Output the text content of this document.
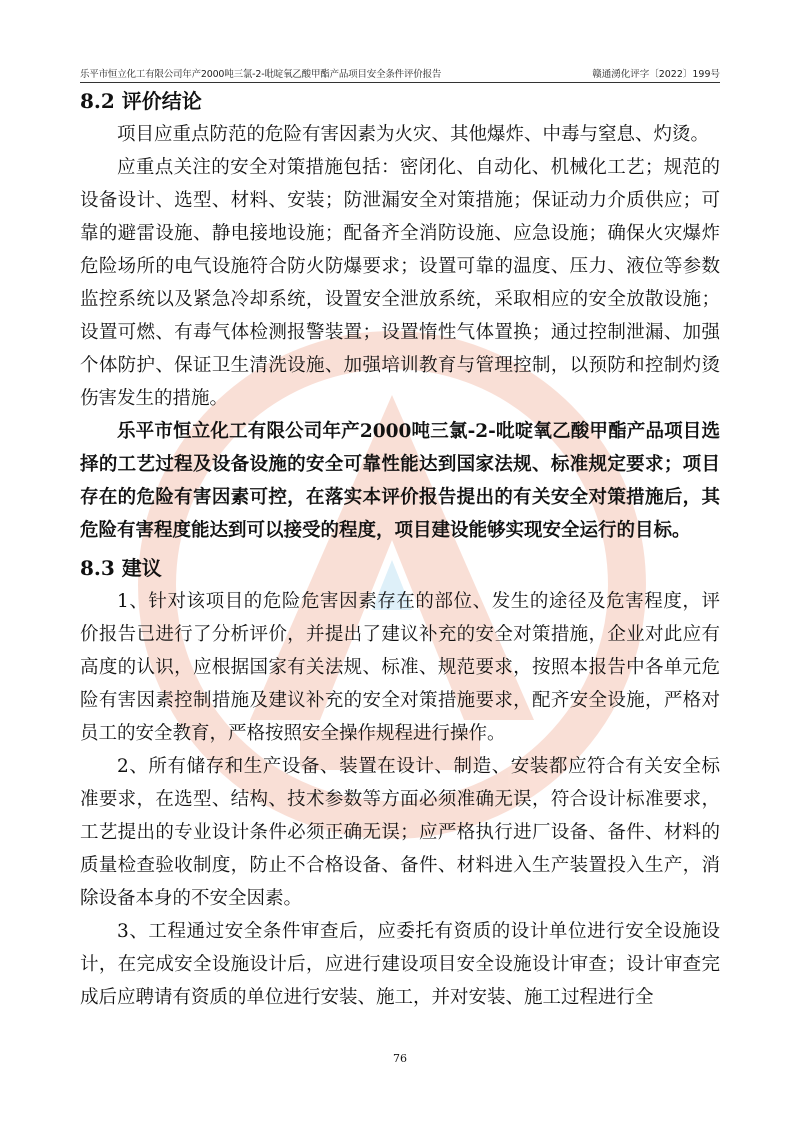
乐平市恒立化工有限公司年产2000吨三氯-2-吡啶氧乙酸甲酯产品项目安全条件评价报告	赣通湧化评字〔2022〕199号

8.2 评价结论

项目应重点防范的危险有害因素为火灾、其他爆炸、中毒与窒息、灼烫。

应重点关注的安全对策措施包括：密闭化、自动化、机械化工艺；规范的设备设计、选型、材料、安装；防泄漏安全对策措施；保证动力介质供应；可靠的避雷设施、静电接地设施；配备齐全消防设施、应急设施；确保火灾爆炸危险场所的电气设施符合防火防爆要求；设置可靠的温度、压力、液位等参数监控系统以及紧急冷却系统，设置安全泄放系统，采取相应的安全放散设施；设置可燃、有毒气体检测报警装置；设置惰性气体置换；通过控制泄漏、加强个体防护、保证卫生清洗设施、加强培训教育与管理控制，以预防和控制灼烫伤害发生的措施。

乐平市恒立化工有限公司年产2000吨三氯-2-吡啶氧乙酸甲酯产品项目选择的工艺过程及设备设施的安全可靠性能达到国家法规、标准规定要求；项目存在的危险有害因素可控，在落实本评价报告提出的有关安全对策措施后，其危险有害程度能达到可以接受的程度，项目建设能够实现安全运行的目标。

8.3 建议

1、针对该项目的危险危害因素存在的部位、发生的途径及危害程度，评价报告已进行了分析评价，并提出了建议补充的安全对策措施，企业对此应有高度的认识，应根据国家有关法规、标准、规范要求，按照本报告中各单元危险有害因素控制措施及建议补充的安全对策措施要求，配齐安全设施，严格对员工的安全教育，严格按照安全操作规程进行操作。

2、所有储存和生产设备、装置在设计、制造、安装都应符合有关安全标准要求，在选型、结构、技术参数等方面必须准确无误，符合设计标准要求，工艺提出的专业设计条件必须正确无误；应严格执行进厂设备、备件、材料的质量检查验收制度，防止不合格设备、备件、材料进入生产装置投入生产，消除设备本身的不安全因素。

3、工程通过安全条件审查后，应委托有资质的设计单位进行安全设施设计，在完成安全设施设计后，应进行建设项目安全设施设计审查；设计审查完成后应聘请有资质的单位进行安装、施工，并对安装、施工过程进行全

76
